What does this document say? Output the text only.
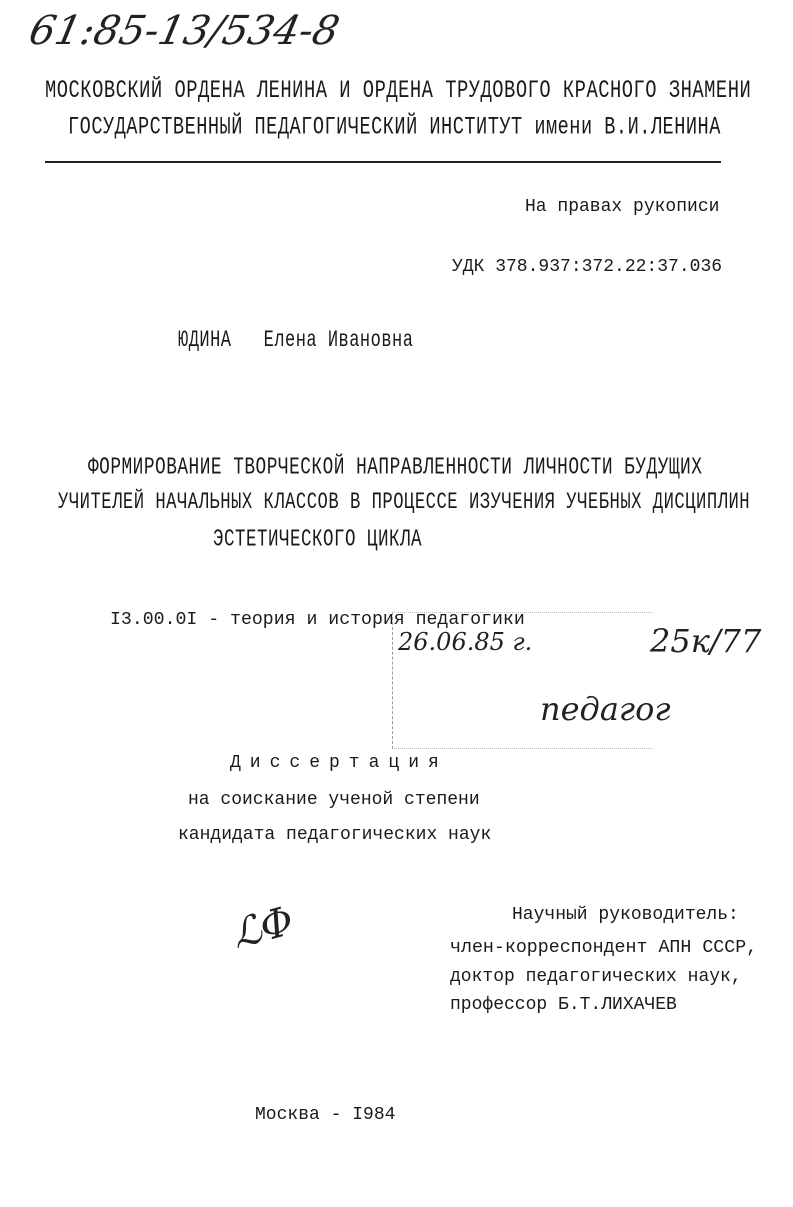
61:85-13/534-8
МОСКОВСКИЙ ОРДЕНА ЛЕНИНА И ОРДЕНА ТРУДОВОГО КРАСНОГО ЗНАМЕНИ
ГОСУДАРСТВЕННЫЙ ПЕДАГОГИЧЕСКИЙ ИНСТИТУТ имени В.И.ЛЕНИНА
На правах рукописи
УДК 378.937:372.22:37.036
ЮДИНА   Елена Ивановна
ФОРМИРОВАНИЕ ТВОРЧЕСКОЙ НАПРАВЛЕННОСТИ ЛИЧНОСТИ БУДУЩИХ
УЧИТЕЛЕЙ НАЧАЛЬНЫХ КЛАССОВ В ПРОЦЕССЕ ИЗУЧЕНИЯ УЧЕБНЫХ ДИСЦИПЛИН
ЭСТЕТИЧЕСКОГО ЦИКЛА
I3.00.0I - теория и история педагогики
26.06.85 г.	25к/77
педагог
Диссертация
на соискание ученой степени
кандидата педагогических наук
Научный руководитель:
член-корреспондент АПН СССР,
доктор педагогических наук,
профессор Б.Т.ЛИХАЧЕВ
ℒΦ
Москва - I984
